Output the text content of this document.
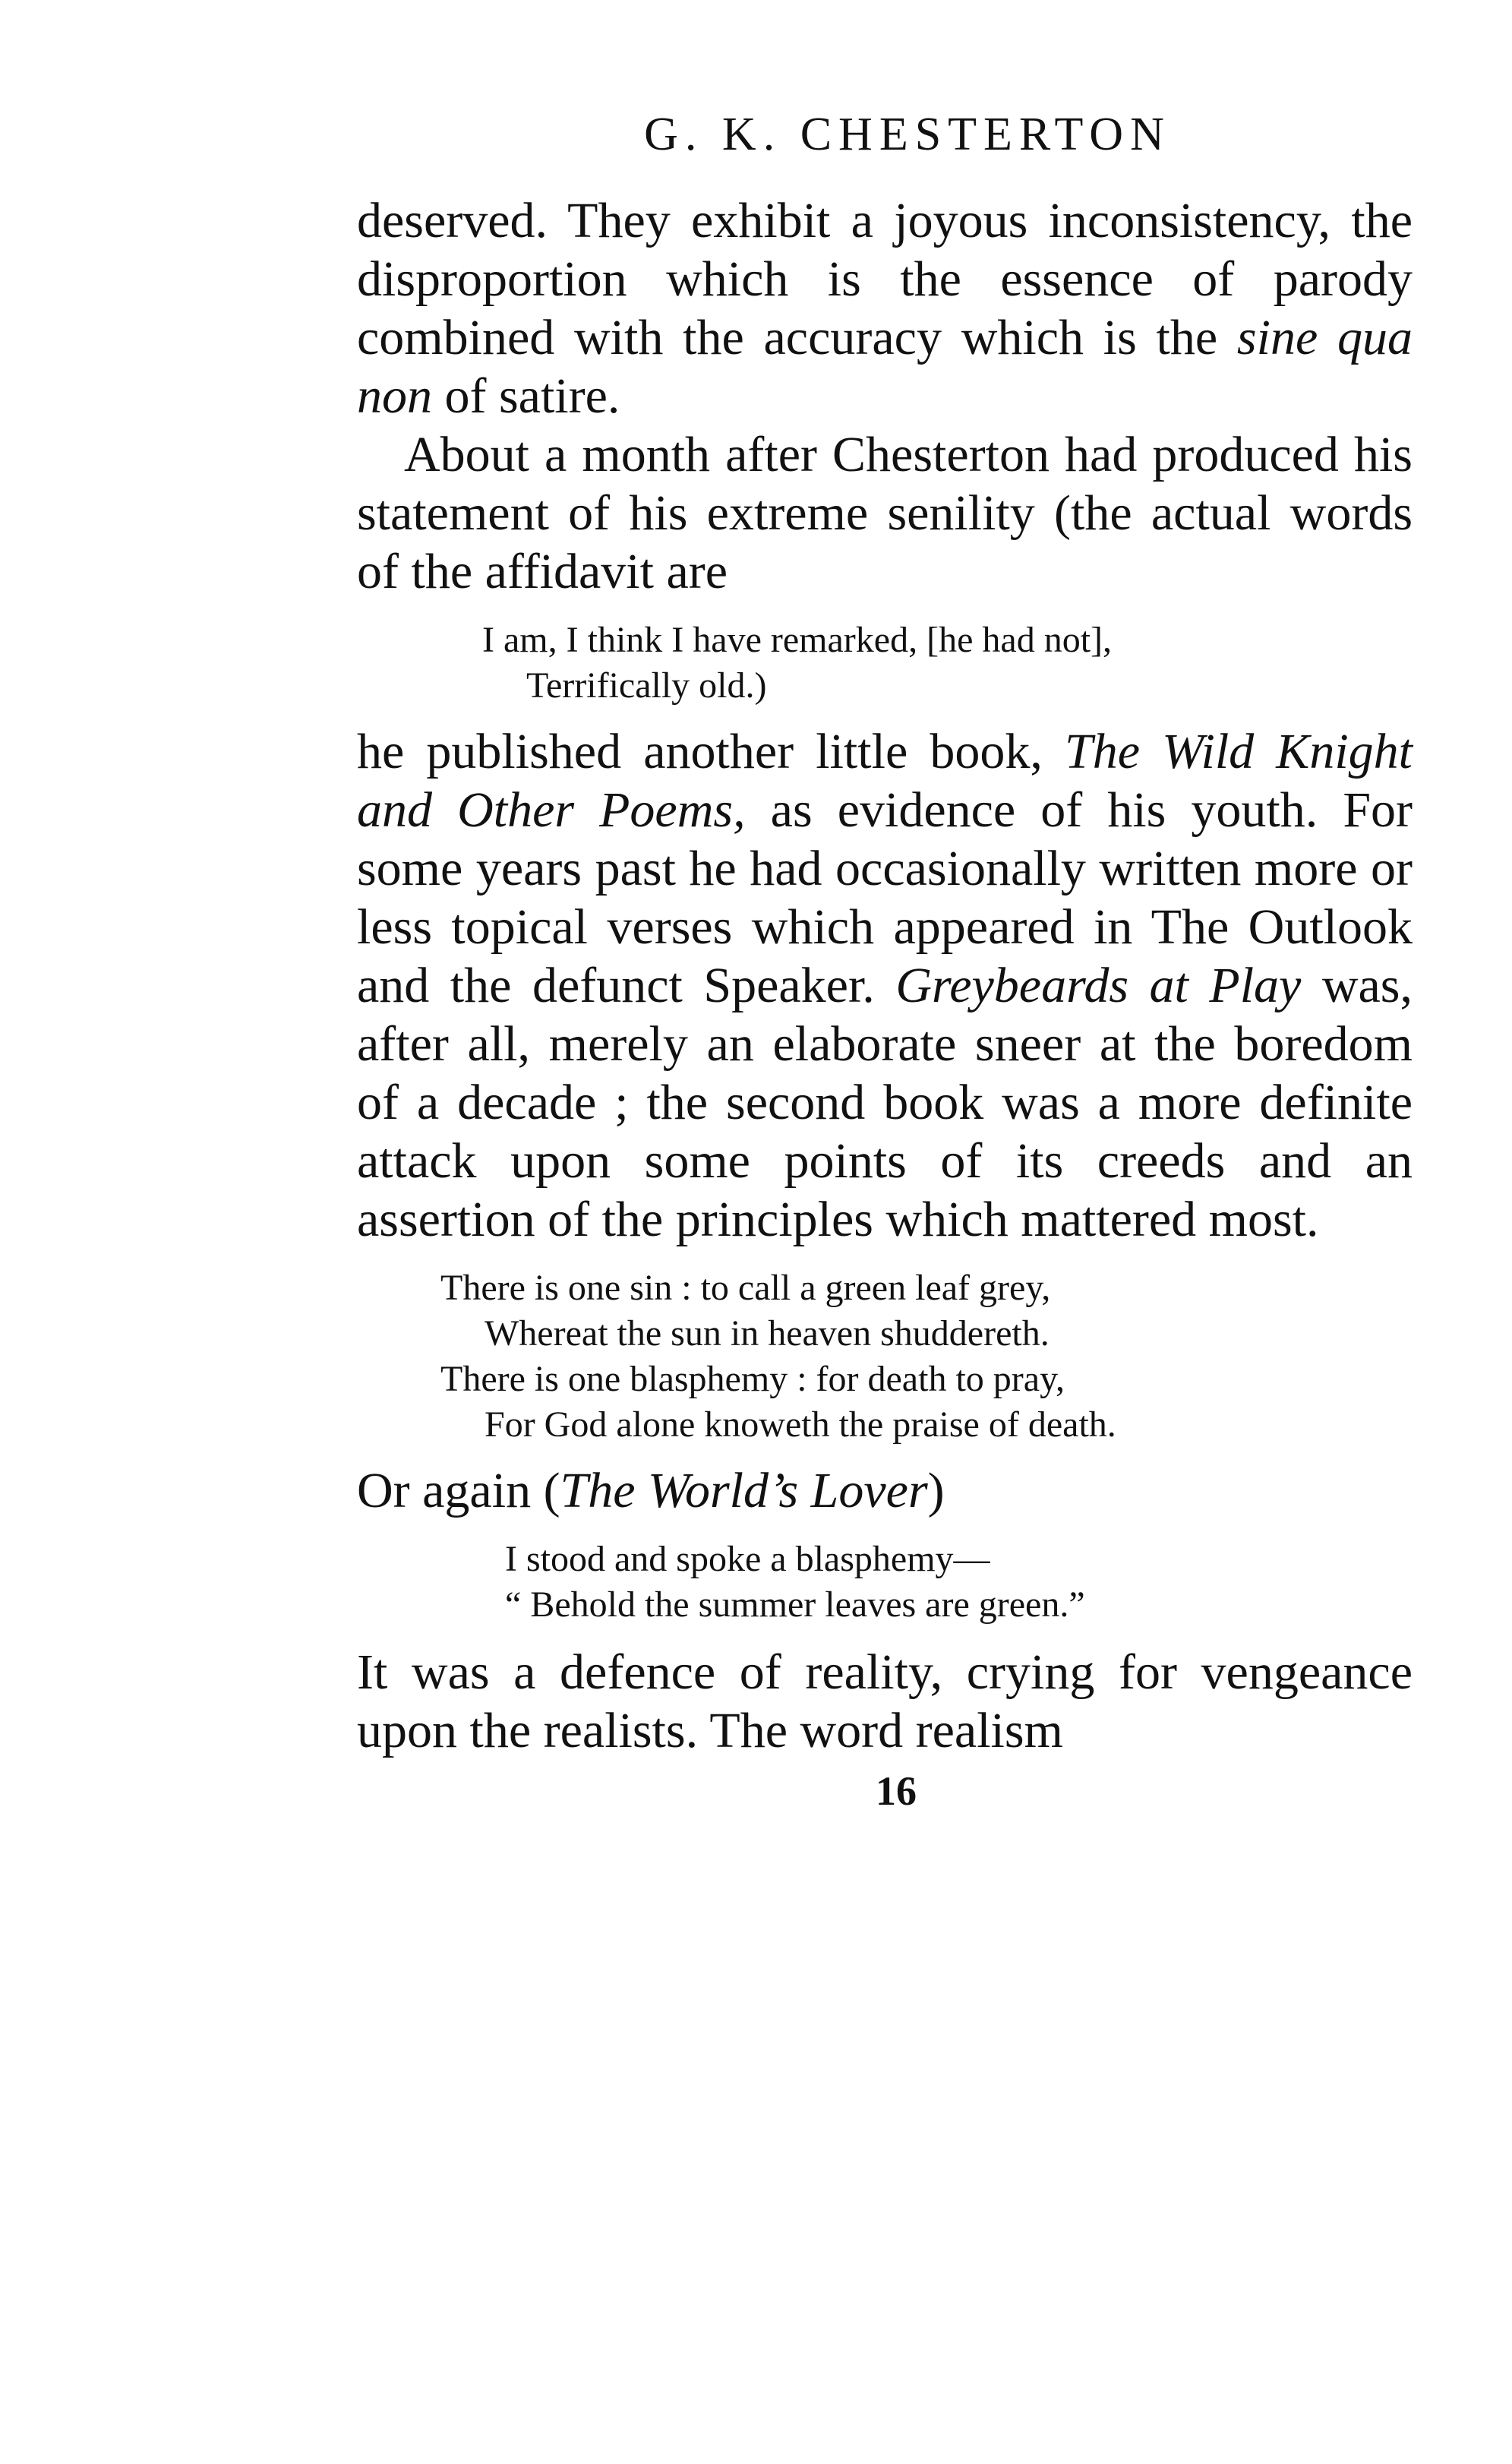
G. K. CHESTERTON

deserved. They exhibit a joyous inconsistency, the disproportion which is the essence of parody combined with the accuracy which is the sine qua non of satire.

About a month after Chesterton had produced his statement of his extreme senility (the actual words of the affidavit are

I am, I think I have remarked, [he had not],
Terrifically old.)

he published another little book, The Wild Knight and Other Poems, as evidence of his youth. For some years past he had occasionally written more or less topical verses which appeared in The Outlook and the defunct Speaker. Greybeards at Play was, after all, merely an elaborate sneer at the boredom of a decade ; the second book was a more definite attack upon some points of its creeds and an assertion of the principles which mattered most.

There is one sin : to call a green leaf grey,
Whereat the sun in heaven shuddereth.
There is one blasphemy : for death to pray,
For God alone knoweth the praise of death.

Or again (The World’s Lover)

I stood and spoke a blasphemy—
“ Behold the summer leaves are green.”

It was a defence of reality, crying for vengeance upon the realists. The word realism

16
